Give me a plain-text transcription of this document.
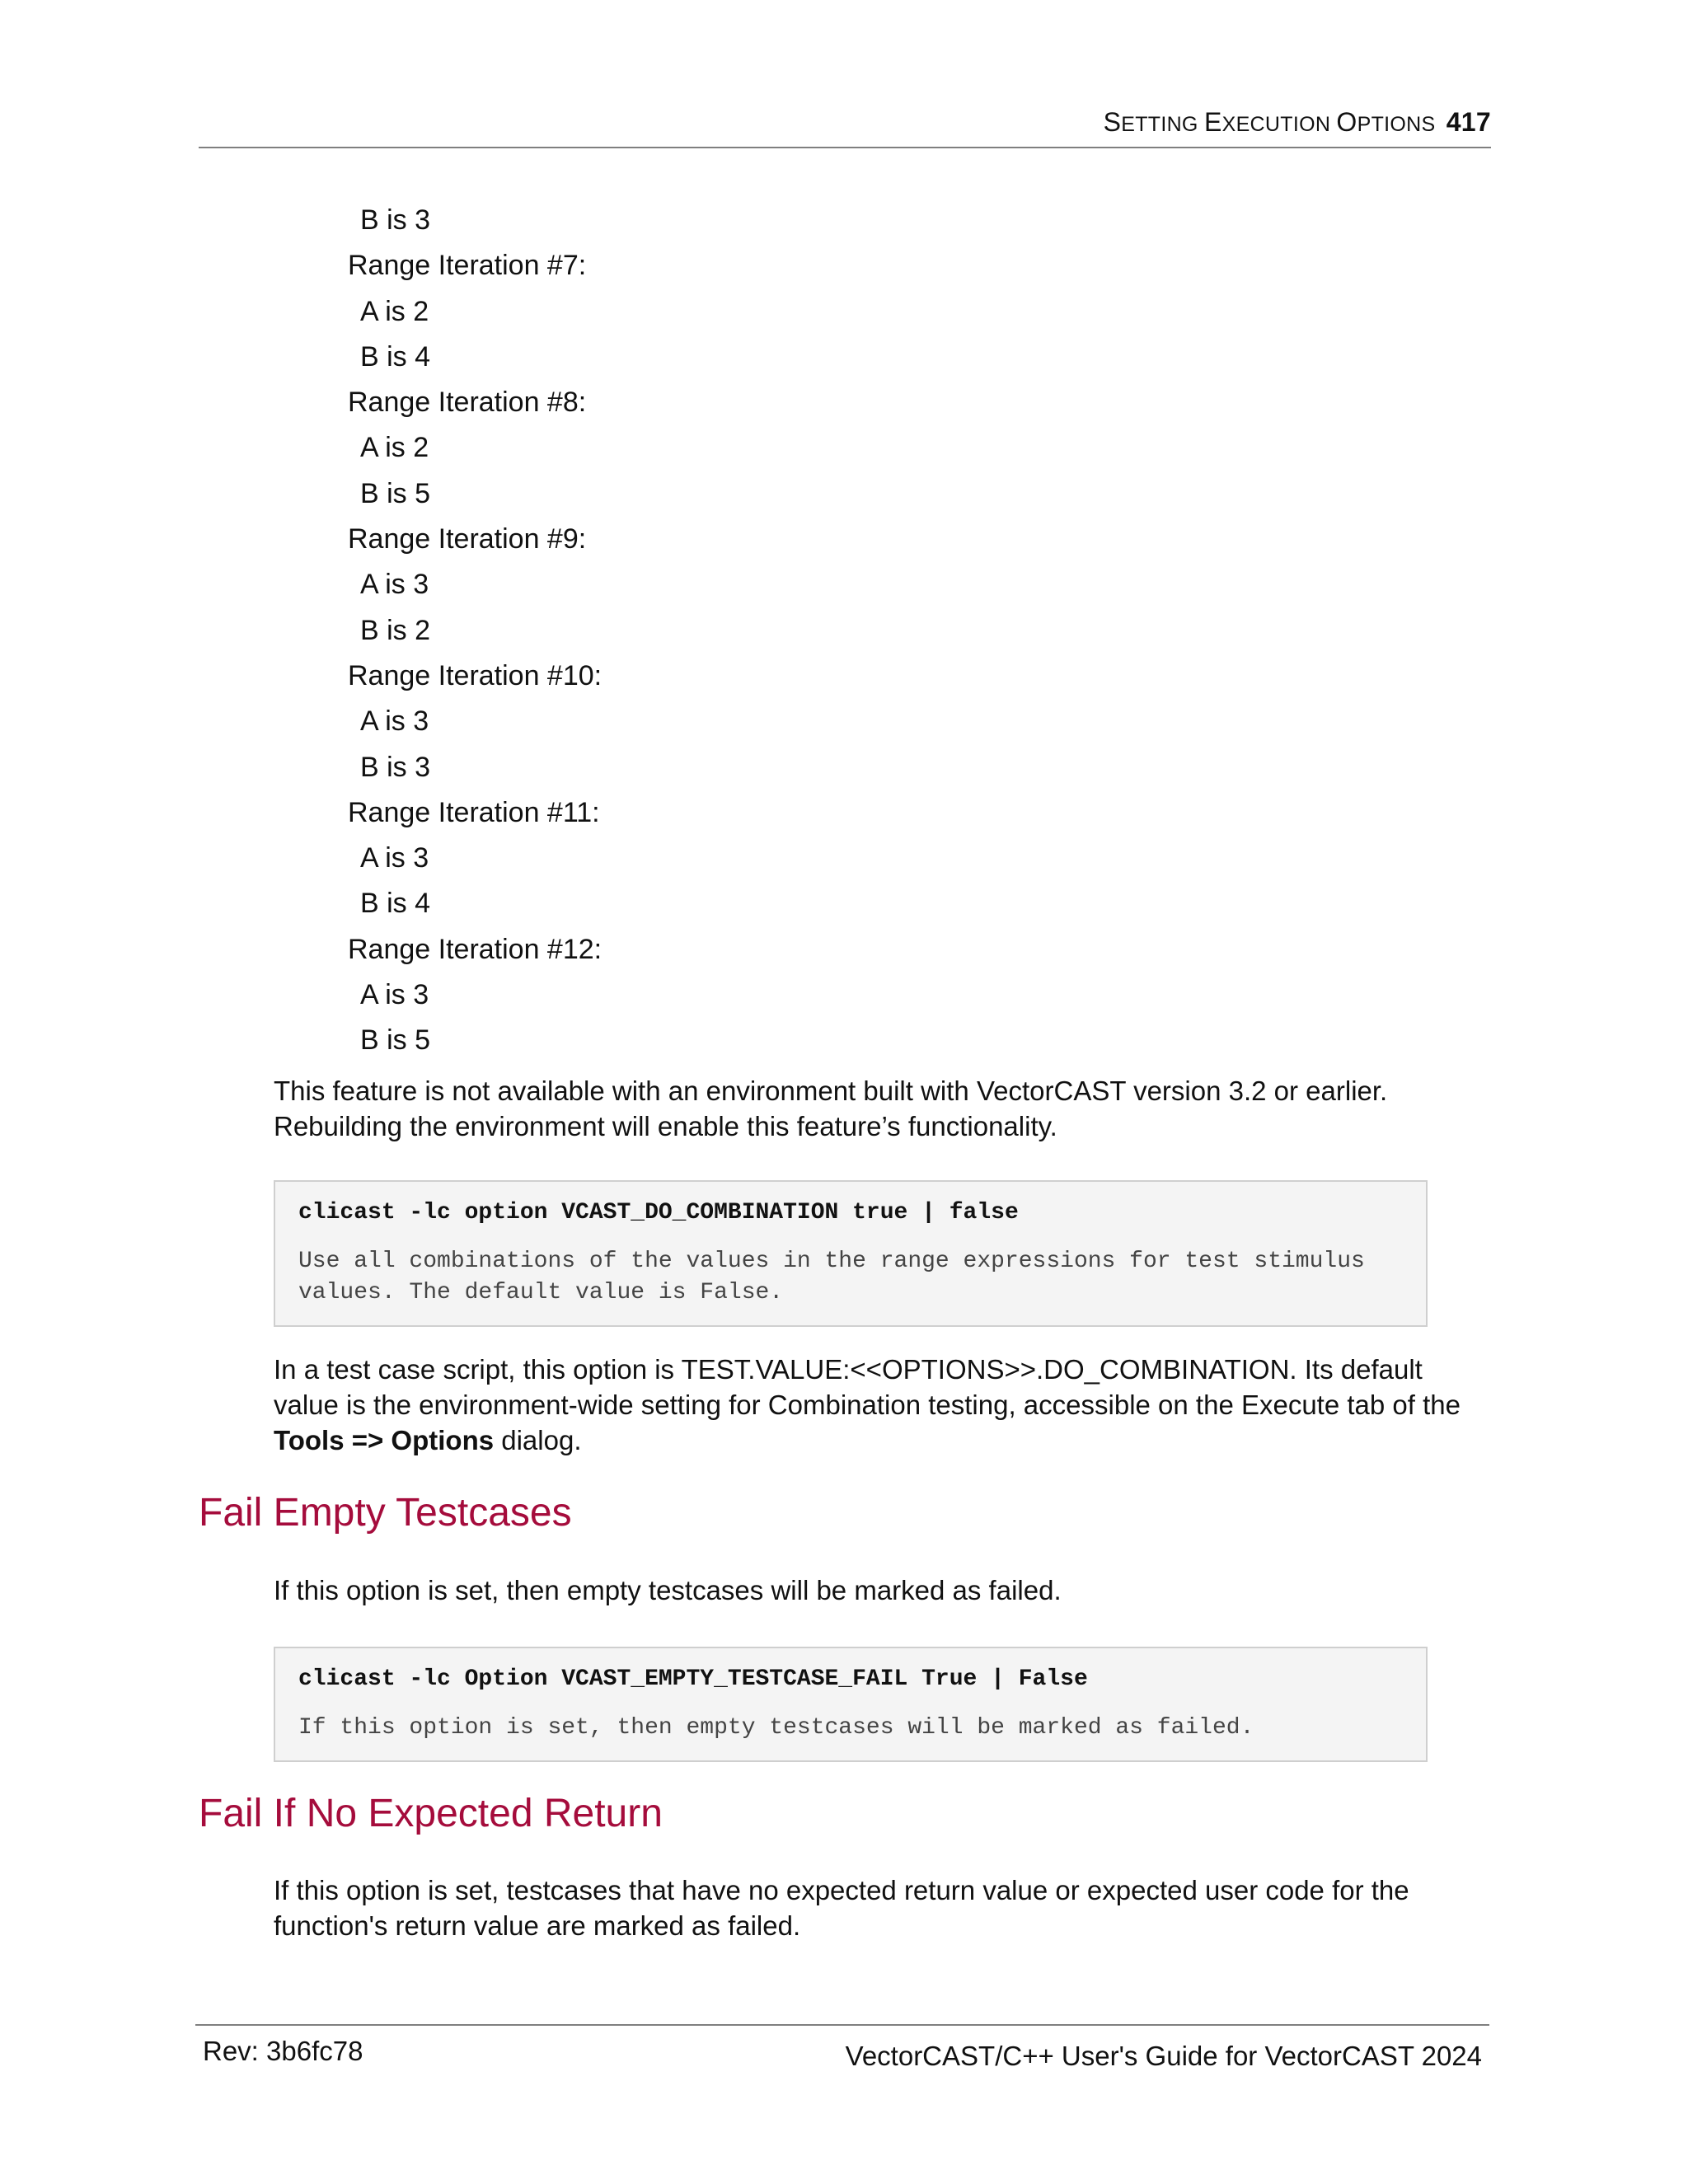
SETTING EXECUTION OPTIONS 417
B is 3
Range Iteration #7:
A is 2
B is 4
Range Iteration #8:
A is 2
B is 5
Range Iteration #9:
A is 3
B is 2
Range Iteration #10:
A is 3
B is 3
Range Iteration #11:
A is 3
B is 4
Range Iteration #12:
A is 3
B is 5

This feature is not available with an environment built with VectorCAST version 3.2 or earlier. Rebuilding the environment will enable this feature’s functionality.

clicast -lc option VCAST_DO_COMBINATION true | false

Use all combinations of the values in the range expressions for test stimulus
values. The default value is False.

In a test case script, this option is TEST.VALUE:<<OPTIONS>>.DO_COMBINATION. Its default value is the environment-wide setting for Combination testing, accessible on the Execute tab of the Tools => Options dialog.

Fail Empty Testcases

If this option is set, then empty testcases will be marked as failed.

clicast -lc Option VCAST_EMPTY_TESTCASE_FAIL True | False

If this option is set, then empty testcases will be marked as failed.

Fail If No Expected Return

If this option is set, testcases that have no expected return value or expected user code for the function's return value are marked as failed.

Rev: 3b6fc78	VectorCAST/C++ User's Guide for VectorCAST 2024
